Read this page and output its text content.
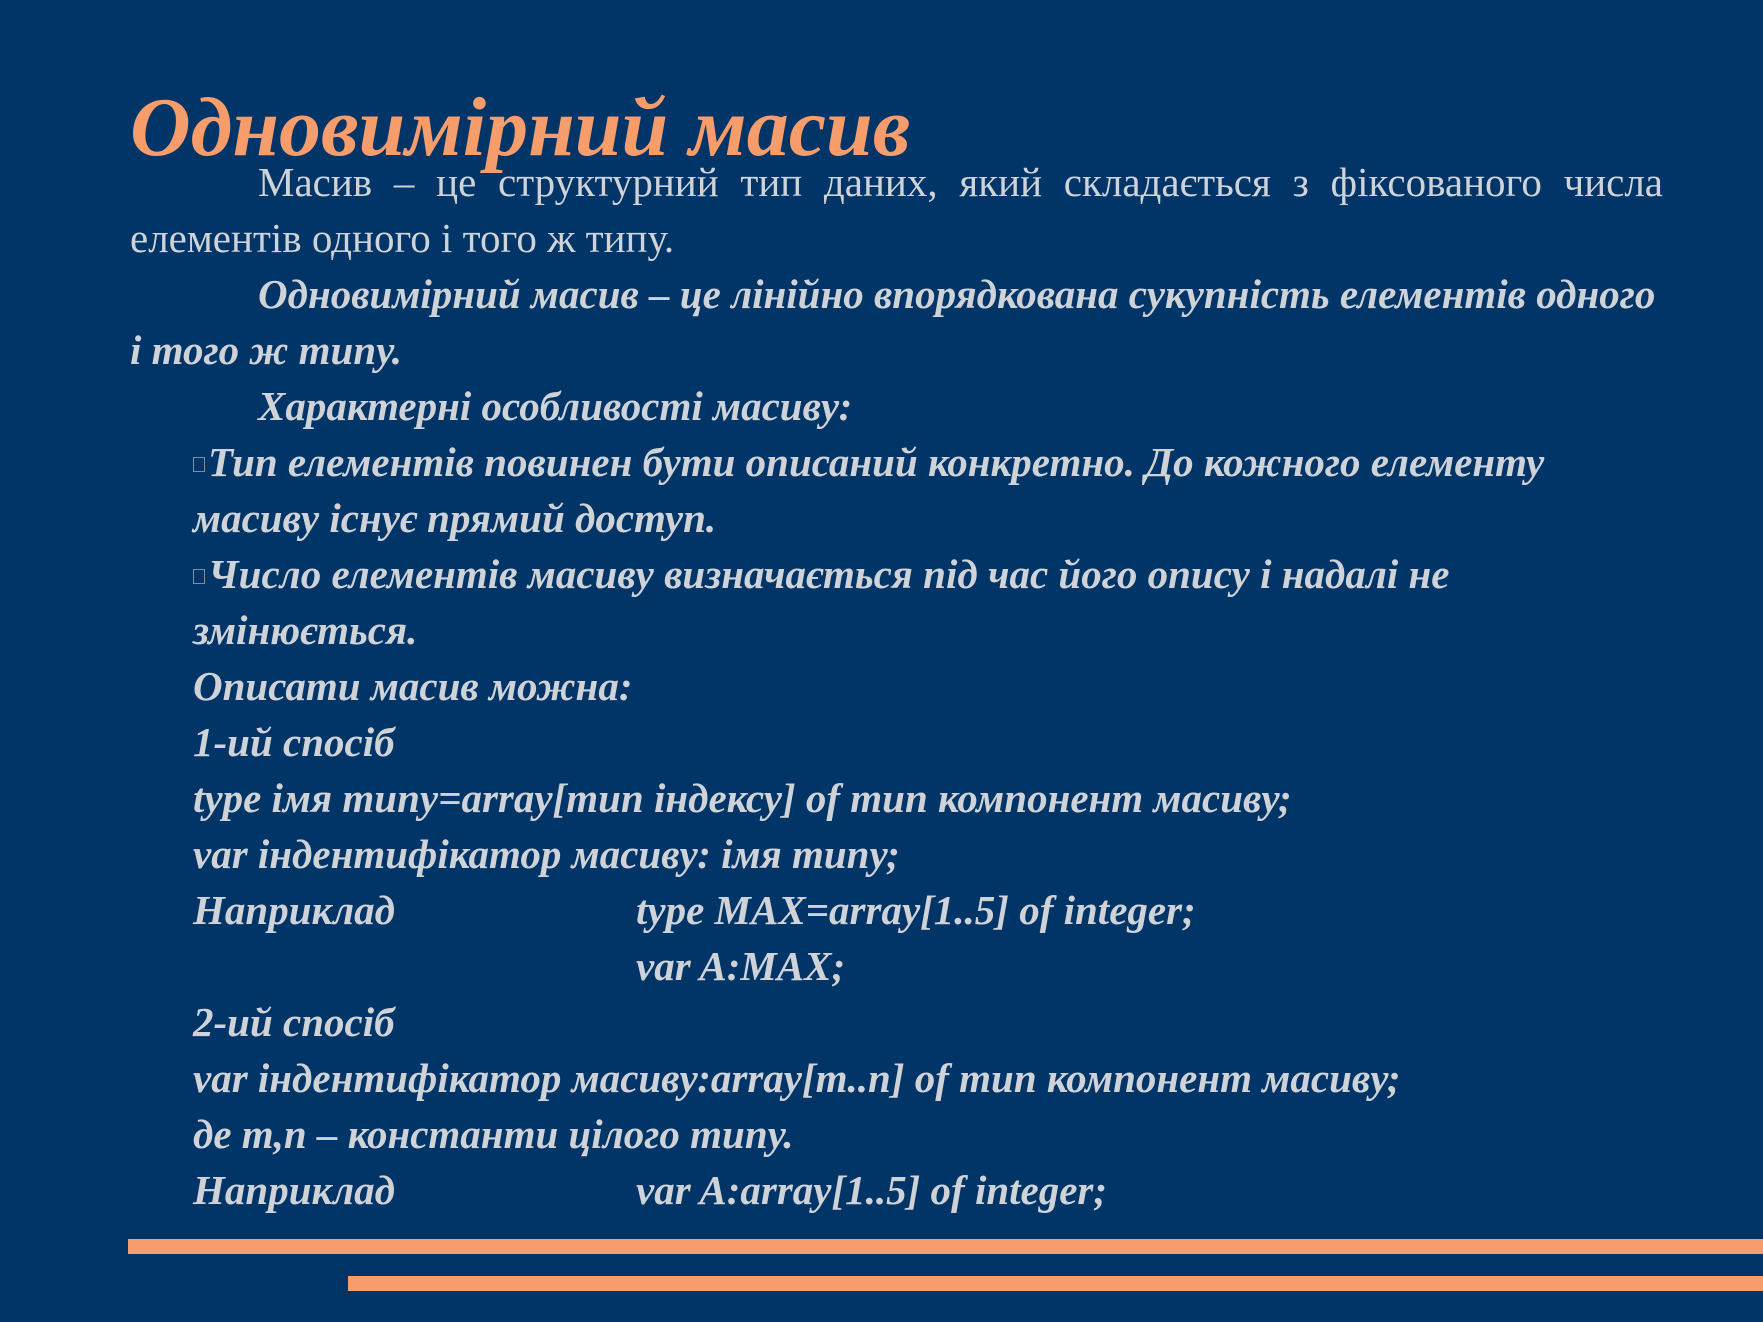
Одновимірний масив

Масив – це структурний тип даних, який складається з фіксованого числа елементів одного і того ж типу.

Одновимірний масив – це лінійно впорядкована сукупність елементів одного і того ж типу.

Характерні особливості масиву:

Тип елементів повинен бути описаний конкретно. До кожного елементу масиву існує прямий доступ.

Число елементів масиву визначається під час його опису і надалі не змінюється.

Описати масив можна:

1-ий спосіб

type імя типу=array[тип індексу] of тип компонент масиву;

var індентифікатор масиву: імя типу;

Наприклад	type MAX=array[1..5] of integer;

var A:MAX;

2-ий спосіб

var індентифікатор масиву:array[m..n] of тип компонент масиву;

де m,n – константи цілого типу.

Наприклад	var A:array[1..5] of integer;
